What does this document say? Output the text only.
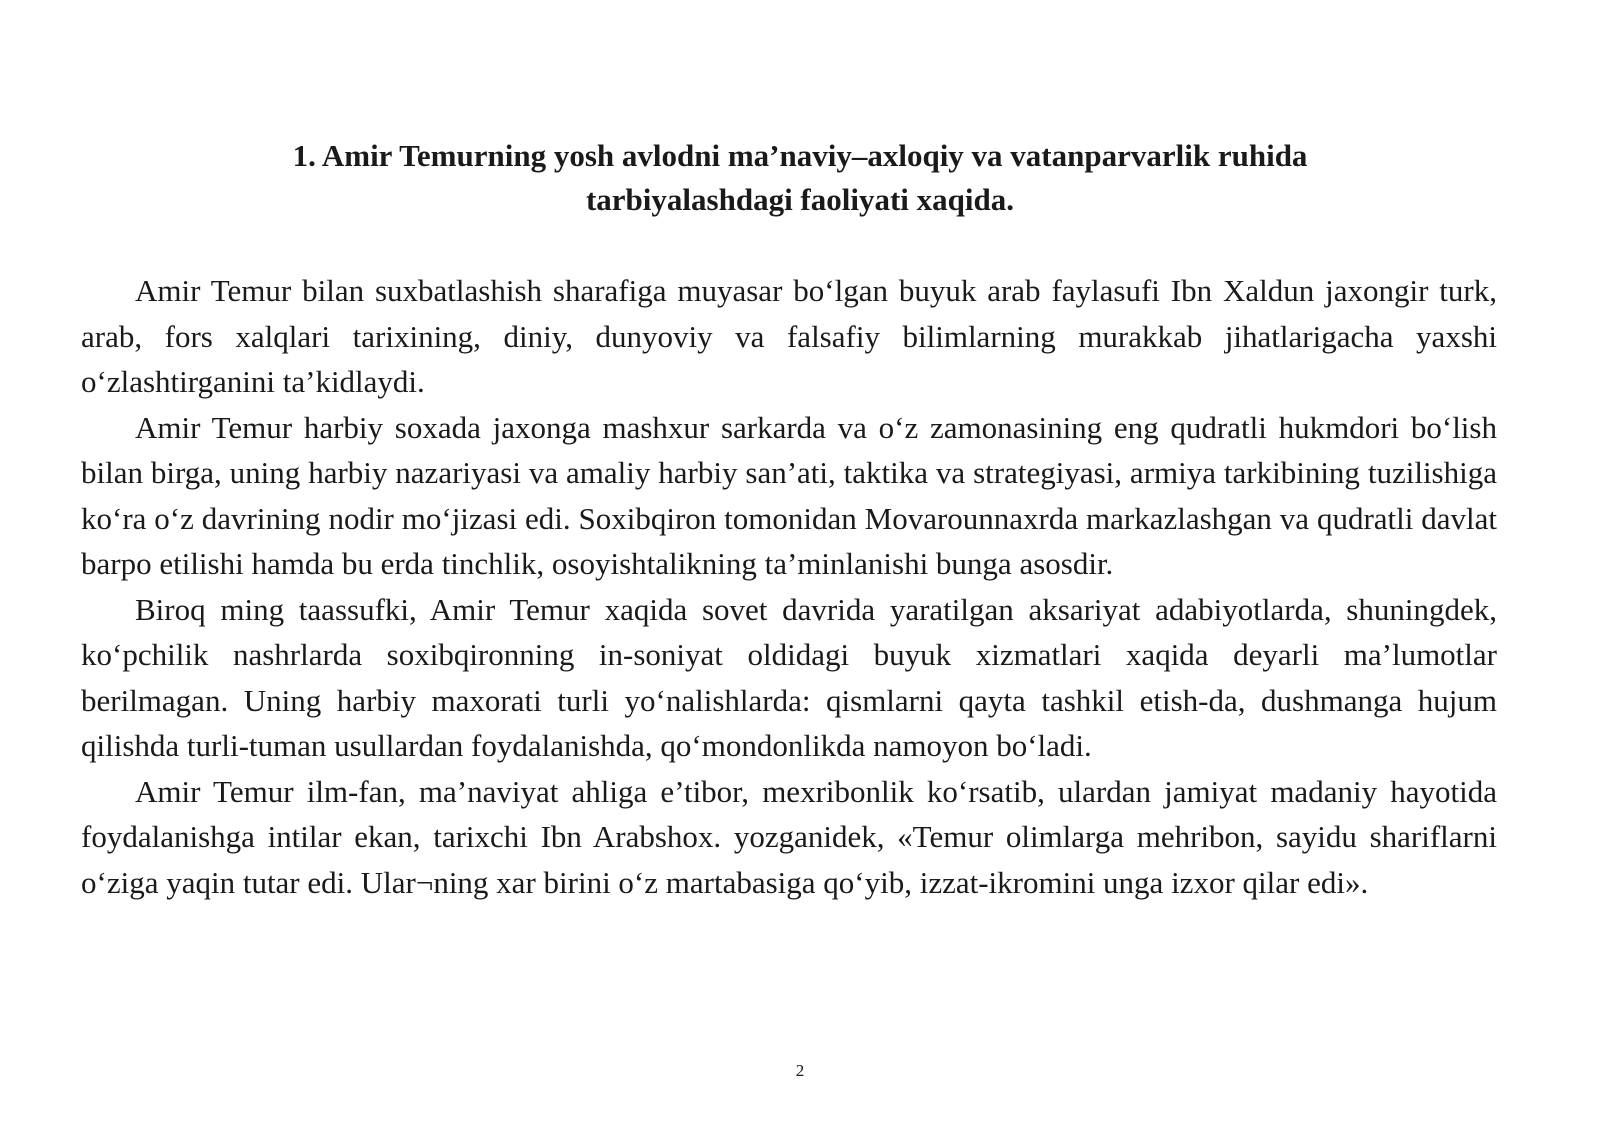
1. Amir Temurning yosh avlodni ma’naviy–axloqiy va vatanparvarlik ruhida
tarbiyalashdagi faoliyati xaqida.

Amir Temur bilan suxbatlashish sharafiga muyasar bo‘lgan buyuk arab faylasufi Ibn Xaldun jaxongir turk, arab, fors xalqlari tarixining, diniy, dunyoviy va falsafiy bilimlarning murakkab jihatlarigacha yaxshi o‘zlashtirganini ta’kidlaydi.

Amir Temur harbiy soxada jaxonga mashxur sarkarda va o‘z zamonasining eng qudratli hukmdori bo‘lish bilan birga, uning harbiy nazariyasi va amaliy harbiy san’ati, taktika va strategiyasi, armiya tarkibining tuzilishiga ko‘ra o‘z davrining nodir mo‘jizasi edi. Soxibqiron tomonidan Movarounnaxrda markazlashgan va qudratli davlat barpo etilishi hamda bu erda tinchlik, osoyishtalikning ta’minlanishi bunga asosdir.

Biroq ming taassufki, Amir Temur xaqida sovet davrida yaratilgan aksariyat adabiyotlarda, shuningdek, ko‘pchilik nashrlarda soxibqironning in-soniyat oldidagi buyuk xizmatlari xaqida deyarli ma’lumotlar berilmagan. Uning harbiy maxorati turli yo‘nalishlarda: qismlarni qayta tashkil etish-da, dushmanga hujum qilishda turli-tuman usullardan foydalanishda, qo‘mondonlikda namoyon bo‘ladi.

Amir Temur ilm-fan, ma’naviyat ahliga e’tibor, mexribonlik ko‘rsatib, ulardan jamiyat madaniy hayotida foydalanishga intilar ekan, tarixchi Ibn Arabshox. yozganidek, «Temur olimlarga mehribon, sayidu shariflarni o‘ziga yaqin tutar edi. Ular¬ning xar birini o‘z martabasiga qo‘yib, izzat-ikromini unga izxor qilar edi».

2
